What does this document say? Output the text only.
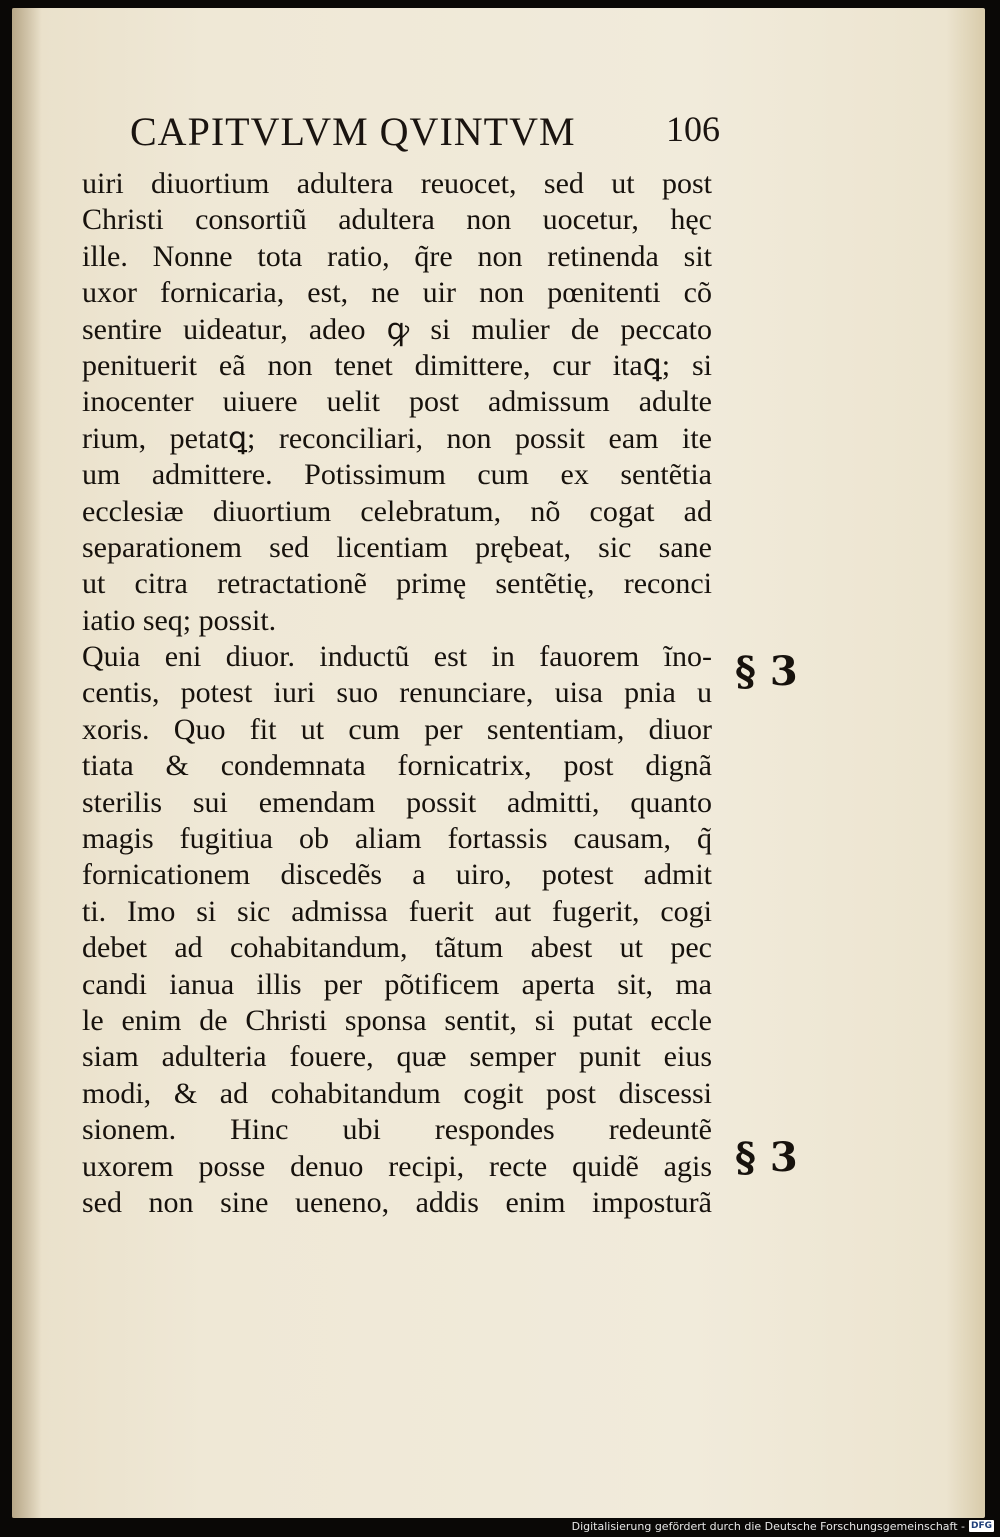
CAPITVLVM QVINTVM	106
uiri diuortium adultera reuocet, sed ut post
Christi consortiũ adultera non uocetur, hęc
ille. Nonne tota ratio, q̃re non retinenda sit
uxor fornicaria, est, ne uir non pœnitenti cõ
sentire uideatur, adeo ꝙ si mulier de peccato
penituerit eã non tenet dimittere, cur itaꝗ; si
inocenter uiuere uelit post admissum adulte
rium, petatꝗ; reconciliari, non possit eam ite
um admittere. Potissimum cum ex sentẽtia
ecclesiæ diuortium celebratum, nõ cogat ad
separationem sed licentiam prębeat, sic sane
ut citra retractationẽ primę sentẽtię, reconci
iatio seq; possit.
Quia eni diuor. inductũ est in fauorem ĩno-
centis, potest iuri suo renunciare, uisa pnia u
xoris. Quo fit ut cum per sententiam, diuor
tiata & condemnata fornicatrix, post dignã
sterilis sui emendam possit admitti, quanto
magis fugitiua ob aliam fortassis causam, q̃
fornicationem discedẽs a uiro, potest admit
ti. Imo si sic admissa fuerit aut fugerit, cogi
debet ad cohabitandum, tãtum abest ut pec
candi ianua illis per põtificem aperta sit, ma
le enim de Christi sponsa sentit, si putat eccle
siam adulteria fouere, quæ semper punit eius
modi, & ad cohabitandum cogit post discessi
sionem. Hinc ubi respondes redeuntẽ
uxorem posse denuo recipi, recte quidẽ agis
sed non sine ueneno, addis enim imposturã
§ 3
§ 3
Digitalisierung gefördert durch die Deutsche Forschungsgemeinschaft - DFG
